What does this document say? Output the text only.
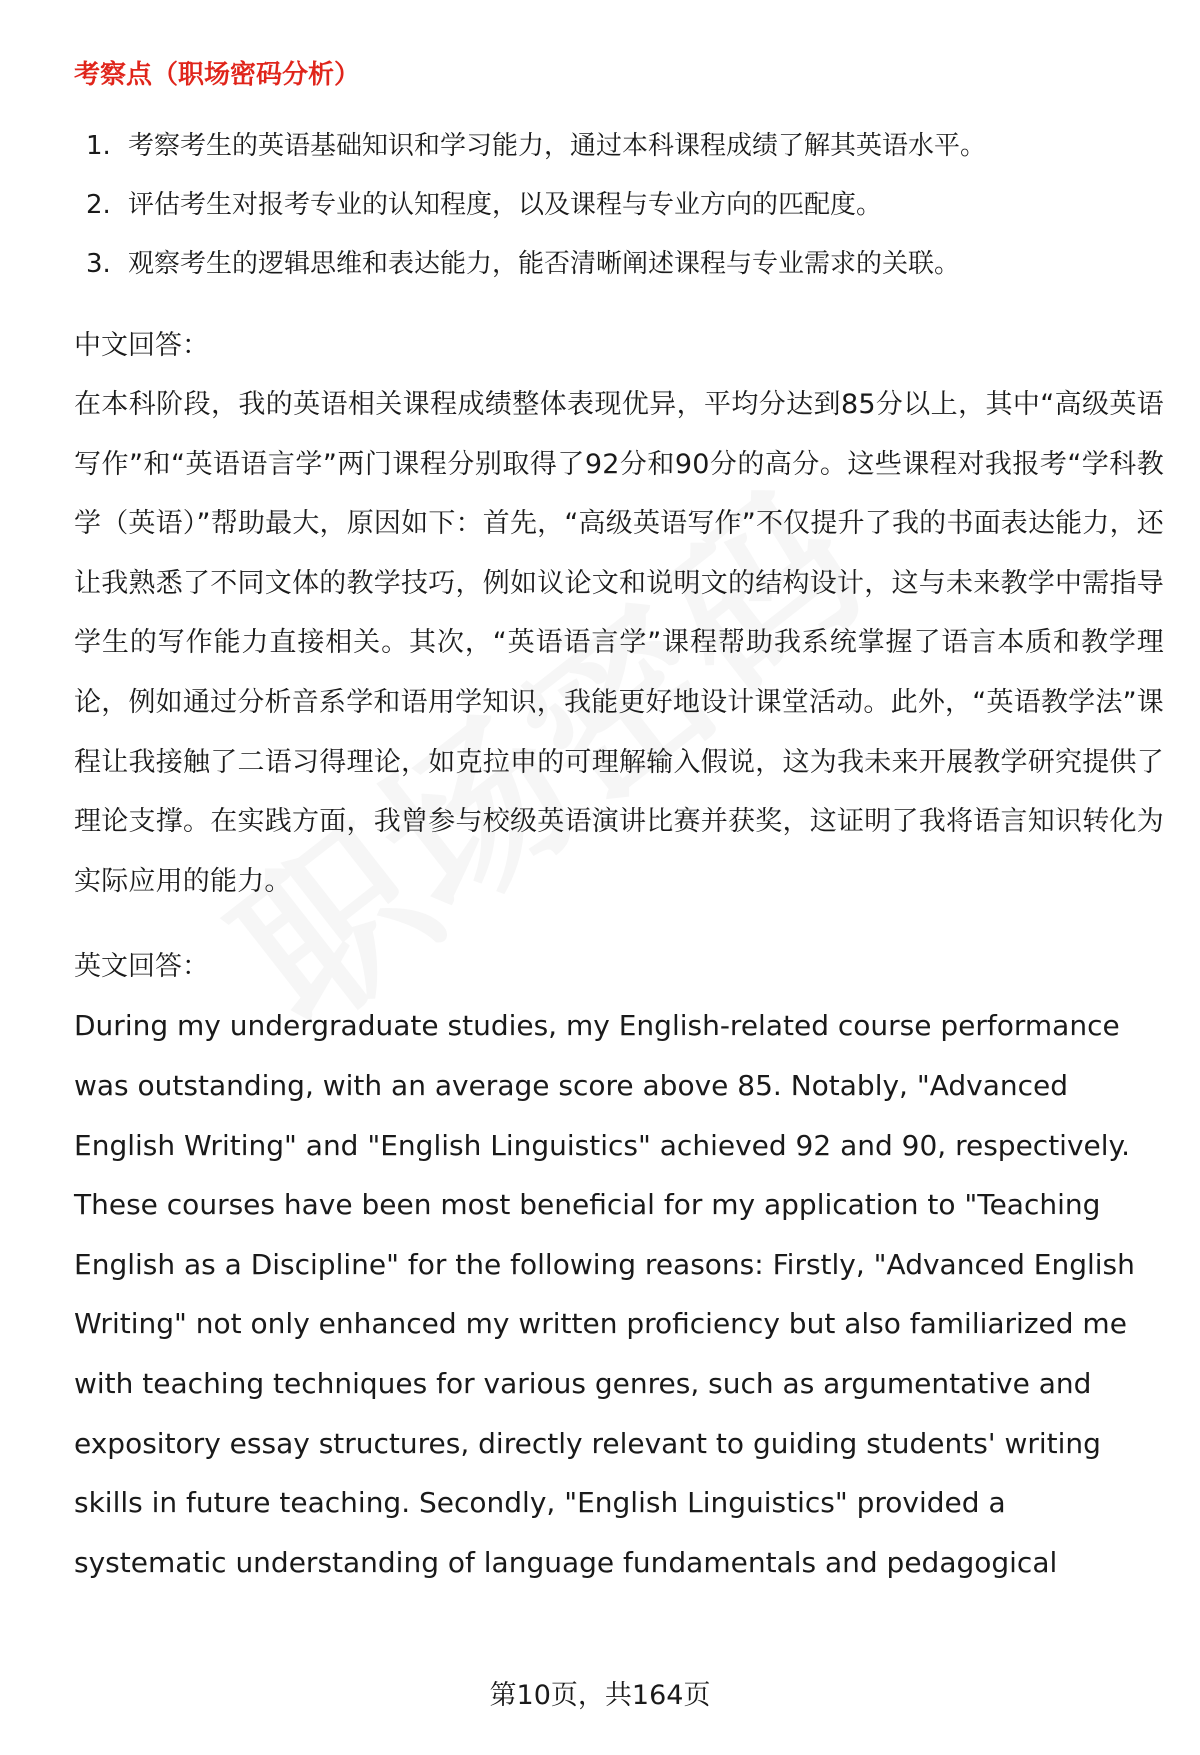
考察点（职场密码分析）
1. 考察考生的英语基础知识和学习能力，通过本科课程成绩了解其英语水平。
2. 评估考生对报考专业的认知程度，以及课程与专业方向的匹配度。
3. 观察考生的逻辑思维和表达能力，能否清晰阐述课程与专业需求的关联。
中文回答：

在本科阶段，我的英语相关课程成绩整体表现优异，平均分达到85分以上，其中“高级英语写作”和“英语语言学”两门课程分别取得了92分和90分的高分。这些课程对我报考“学科教学（英语）”帮助最大，原因如下：首先，“高级英语写作”不仅提升了我的书面表达能力，还让我熟悉了不同文体的教学技巧，例如议论文和说明文的结构设计，这与未来教学中需指导学生的写作能力直接相关。其次，“英语语言学”课程帮助我系统掌握了语言本质和教学理论，例如通过分析音系学和语用学知识，我能更好地设计课堂活动。此外，“英语教学法”课程让我接触了二语习得理论，如克拉申的可理解输入假说，这为我未来开展教学研究提供了理论支撑。在实践方面，我曾参与校级英语演讲比赛并获奖，这证明了我将语言知识转化为实际应用的能力。

英文回答：

During my undergraduate studies, my English-related course performance was outstanding, with an average score above 85. Notably, "Advanced English Writing" and "English Linguistics" achieved 92 and 90, respectively. These courses have been most beneficial for my application to "Teaching English as a Discipline" for the following reasons: Firstly, "Advanced English Writing" not only enhanced my written proficiency but also familiarized me with teaching techniques for various genres, such as argumentative and expository essay structures, directly relevant to guiding students' writing skills in future teaching. Secondly, "English Linguistics" provided a systematic understanding of language fundamentals and pedagogical

第10页，共164页
